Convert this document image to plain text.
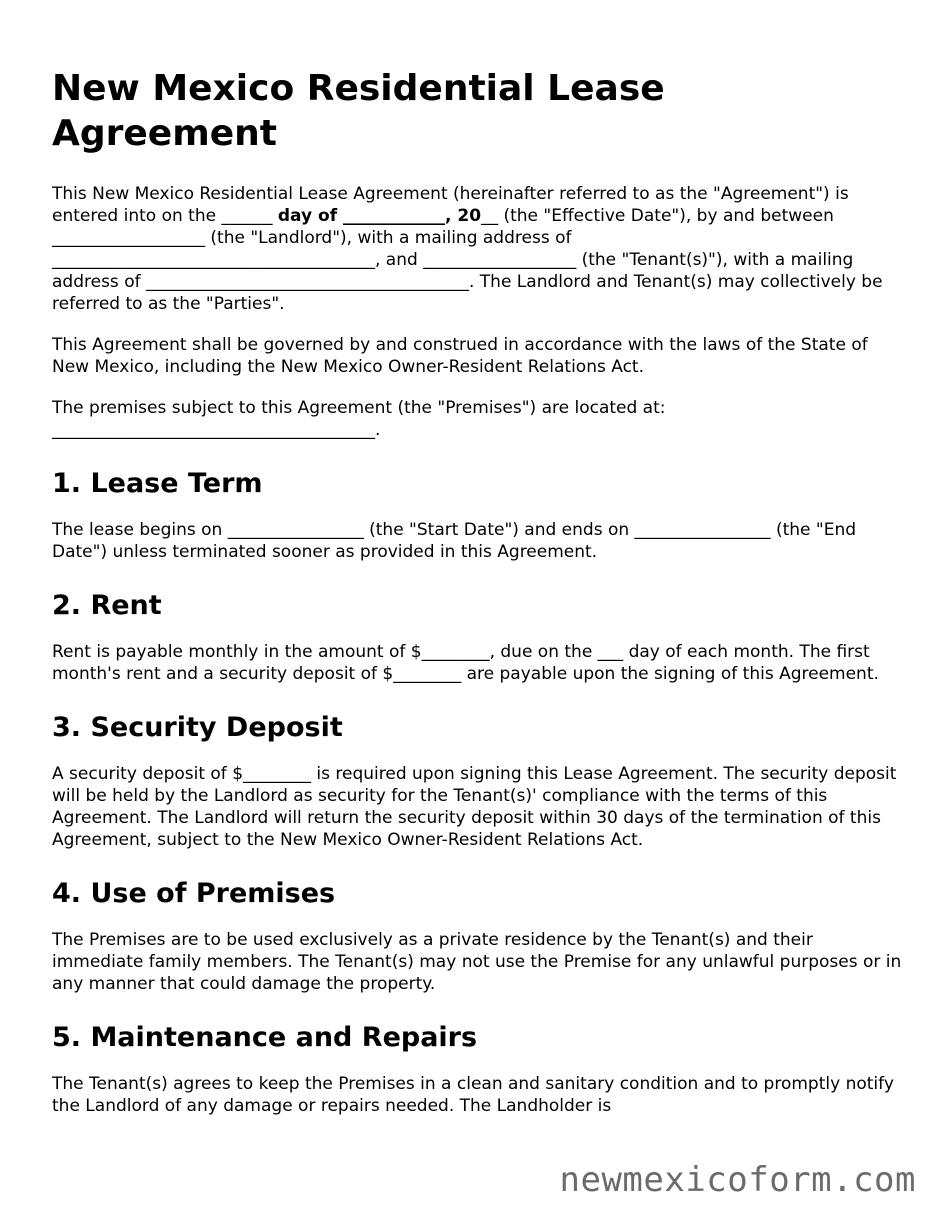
New Mexico Residential Lease Agreement

This New Mexico Residential Lease Agreement (hereinafter referred to as the "Agreement") is entered into on the ______ day of ____________, 20__ (the "Effective Date"), by and between __________________ (the "Landlord"), with a mailing address of ______________________________________, and __________________ (the "Tenant(s)"), with a mailing address of ______________________________________. The Landlord and Tenant(s) may collectively be referred to as the "Parties".

This Agreement shall be governed by and construed in accordance with the laws of the State of New Mexico, including the New Mexico Owner-Resident Relations Act.

The premises subject to this Agreement (the "Premises") are located at: ______________________________________.

1. Lease Term

The lease begins on ________________ (the "Start Date") and ends on ________________ (the "End Date") unless terminated sooner as provided in this Agreement.

2. Rent

Rent is payable monthly in the amount of $________, due on the ___ day of each month. The first month's rent and a security deposit of $________ are payable upon the signing of this Agreement.

3. Security Deposit

A security deposit of $________ is required upon signing this Lease Agreement. The security deposit will be held by the Landlord as security for the Tenant(s)' compliance with the terms of this Agreement. The Landlord will return the security deposit within 30 days of the termination of this Agreement, subject to the New Mexico Owner-Resident Relations Act.

4. Use of Premises

The Premises are to be used exclusively as a private residence by the Tenant(s) and their immediate family members. The Tenant(s) may not use the Premise for any unlawful purposes or in any manner that could damage the property.

5. Maintenance and Repairs

The Tenant(s) agrees to keep the Premises in a clean and sanitary condition and to promptly notify the Landlord of any damage or repairs needed. The Landholder is

newmexicoform.com
